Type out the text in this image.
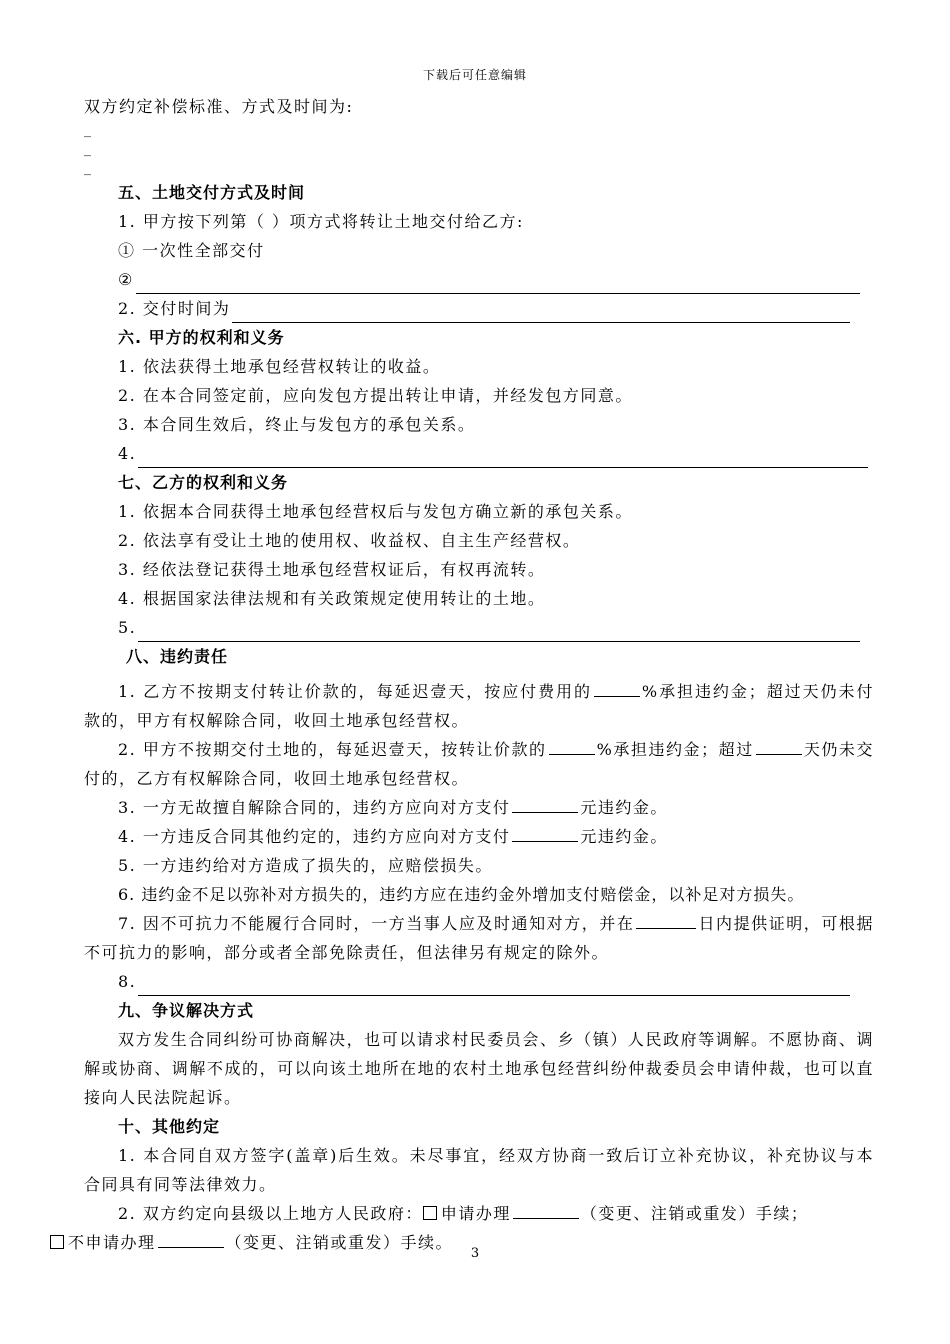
下载后可任意编辑
双方约定补偿标准、方式及时间为:
_
_
_
五、土地交付方式及时间
1. 甲方按下列第（ ）项方式将转让土地交付给乙方:
① 一次性全部交付
②
2. 交付时间为
六. 甲方的权利和义务
1. 依法获得土地承包经营权转让的收益。
2. 在本合同签定前，应向发包方提出转让申请，并经发包方同意。
3. 本合同生效后，终止与发包方的承包关系。
4.
七、乙方的权利和义务
1. 依据本合同获得土地承包经营权后与发包方确立新的承包关系。
2. 依法享有受让土地的使用权、收益权、自主生产经营权。
3. 经依法登记获得土地承包经营权证后，有权再流转。
4. 根据国家法律法规和有关政策规定使用转让的土地。
5.
八、违约责任
1. 乙方不按期支付转让价款的，每延迟壹天，按应付费用的	%承担违约金；超过天仍未付款的，甲方有权解除合同，收回土地承包经营权。
2. 甲方不按期交付土地的，每延迟壹天，按转让价款的	%承担违约金；超过	天仍未交付的，乙方有权解除合同，收回土地承包经营权。
3. 一方无故擅自解除合同的，违约方应向对方支付	元违约金。
4. 一方违反合同其他约定的，违约方应向对方支付	元违约金。
5. 一方违约给对方造成了损失的，应赔偿损失。
6. 违约金不足以弥补对方损失的，违约方应在违约金外增加支付赔偿金，以补足对方损失。
7. 因不可抗力不能履行合同时，一方当事人应及时通知对方，并在	日内提供证明，可根据不可抗力的影响，部分或者全部免除责任，但法律另有规定的除外。
8.
九、争议解决方式
双方发生合同纠纷可协商解决，也可以请求村民委员会、乡（镇）人民政府等调解。不愿协商、调解或协商、调解不成的，可以向该土地所在地的农村土地承包经营纠纷仲裁委员会申请仲裁，也可以直接向人民法院起诉。
十、其他约定
1. 本合同自双方签字(盖章)后生效。未尽事宜，经双方协商一致后订立补充协议，补充协议与本合同具有同等法律效力。
2. 双方约定向县级以上地方人民政府： 申请办理	（变更、注销或重发）手续；
不申请办理	（变更、注销或重发）手续。
3
